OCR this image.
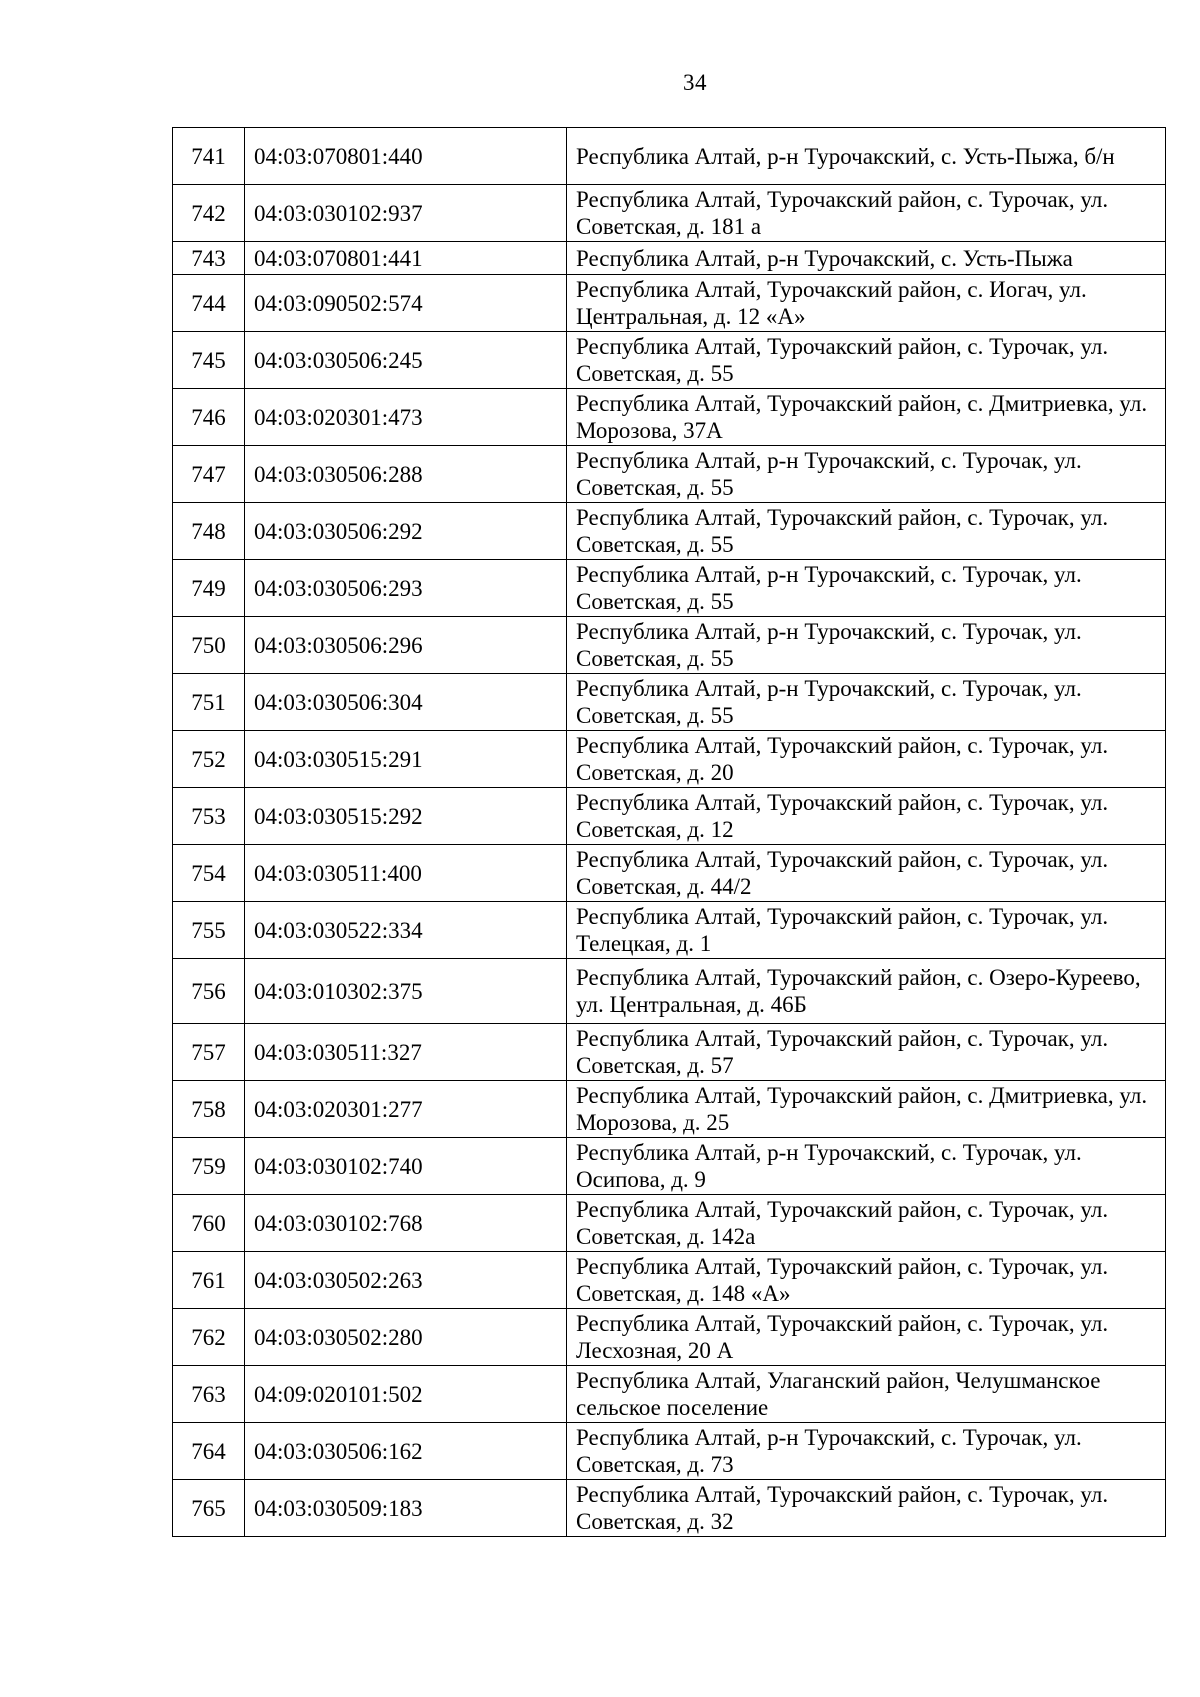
34
741	04:03:070801:440	Республика Алтай, р-н Турочакский, с. Усть-Пыжа, б/н
742	04:03:030102:937	Республика Алтай, Турочакский район, с. Турочак, ул. Советская, д. 181 а
743	04:03:070801:441	Республика Алтай, р-н Турочакский, с. Усть-Пыжа
744	04:03:090502:574	Республика Алтай, Турочакский район, с. Иогач, ул. Центральная, д. 12 «А»
745	04:03:030506:245	Республика Алтай, Турочакский район, с. Турочак, ул. Советская, д. 55
746	04:03:020301:473	Республика Алтай, Турочакский район, с. Дмитриевка, ул. Морозова, 37А
747	04:03:030506:288	Республика Алтай, р-н Турочакский, с. Турочак, ул. Советская, д. 55
748	04:03:030506:292	Республика Алтай, Турочакский район, с. Турочак, ул. Советская, д. 55
749	04:03:030506:293	Республика Алтай, р-н Турочакский, с. Турочак, ул. Советская, д. 55
750	04:03:030506:296	Республика Алтай, р-н Турочакский, с. Турочак, ул. Советская, д. 55
751	04:03:030506:304	Республика Алтай, р-н Турочакский, с. Турочак, ул. Советская, д. 55
752	04:03:030515:291	Республика Алтай, Турочакский район, с. Турочак, ул. Советская, д. 20
753	04:03:030515:292	Республика Алтай, Турочакский район, с. Турочак, ул. Советская, д. 12
754	04:03:030511:400	Республика Алтай, Турочакский район, с. Турочак, ул. Советская, д. 44/2
755	04:03:030522:334	Республика Алтай, Турочакский район, с. Турочак, ул. Телецкая, д. 1
756	04:03:010302:375	Республика Алтай, Турочакский район, с. Озеро-Куреево, ул. Центральная, д. 46Б
757	04:03:030511:327	Республика Алтай, Турочакский район, с. Турочак, ул. Советская, д. 57
758	04:03:020301:277	Республика Алтай, Турочакский район, с. Дмитриевка, ул. Морозова, д. 25
759	04:03:030102:740	Республика Алтай, р-н Турочакский, с. Турочак, ул. Осипова, д. 9
760	04:03:030102:768	Республика Алтай, Турочакский район, с. Турочак, ул. Советская, д. 142а
761	04:03:030502:263	Республика Алтай, Турочакский район, с. Турочак, ул. Советская, д. 148 «А»
762	04:03:030502:280	Республика Алтай, Турочакский район, с. Турочак, ул. Лесхозная, 20 А
763	04:09:020101:502	Республика Алтай, Улаганский район, Челушманское сельское поселение
764	04:03:030506:162	Республика Алтай, р-н Турочакский, с. Турочак, ул. Советская, д. 73
765	04:03:030509:183	Республика Алтай, Турочакский район, с. Турочак, ул. Советская, д. 32
